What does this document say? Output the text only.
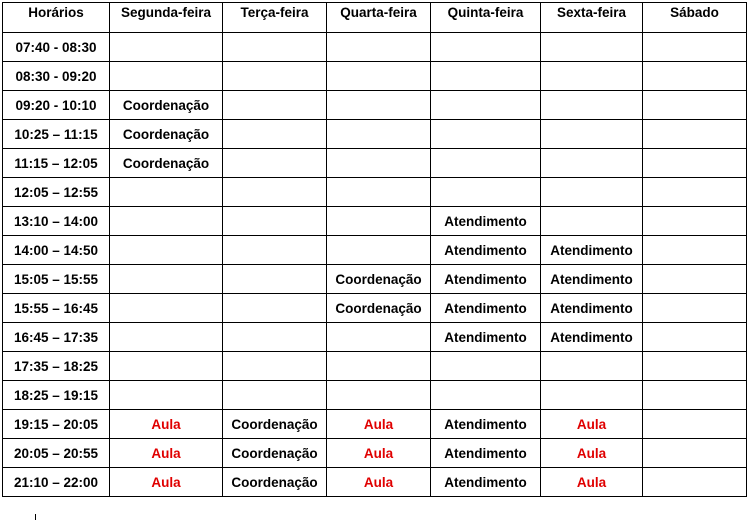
Horários	Segunda-feira	Terça-feira	Quarta-feira	Quinta-feira	Sexta-feira	Sábado
07:40 - 08:30						
08:30 - 09:20						
09:20 - 10:10	Coordenação					
10:25 – 11:15	Coordenação					
11:15 – 12:05	Coordenação					
12:05 – 12:55						
13:10 – 14:00				Atendimento		
14:00 – 14:50				Atendimento	Atendimento	
15:05 – 15:55			Coordenação	Atendimento	Atendimento	
15:55 – 16:45			Coordenação	Atendimento	Atendimento	
16:45 – 17:35				Atendimento	Atendimento	
17:35 – 18:25						
18:25 – 19:15						
19:15 – 20:05	Aula	Coordenação	Aula	Atendimento	Aula	
20:05 – 20:55	Aula	Coordenação	Aula	Atendimento	Aula	
21:10 – 22:00	Aula	Coordenação	Aula	Atendimento	Aula	
